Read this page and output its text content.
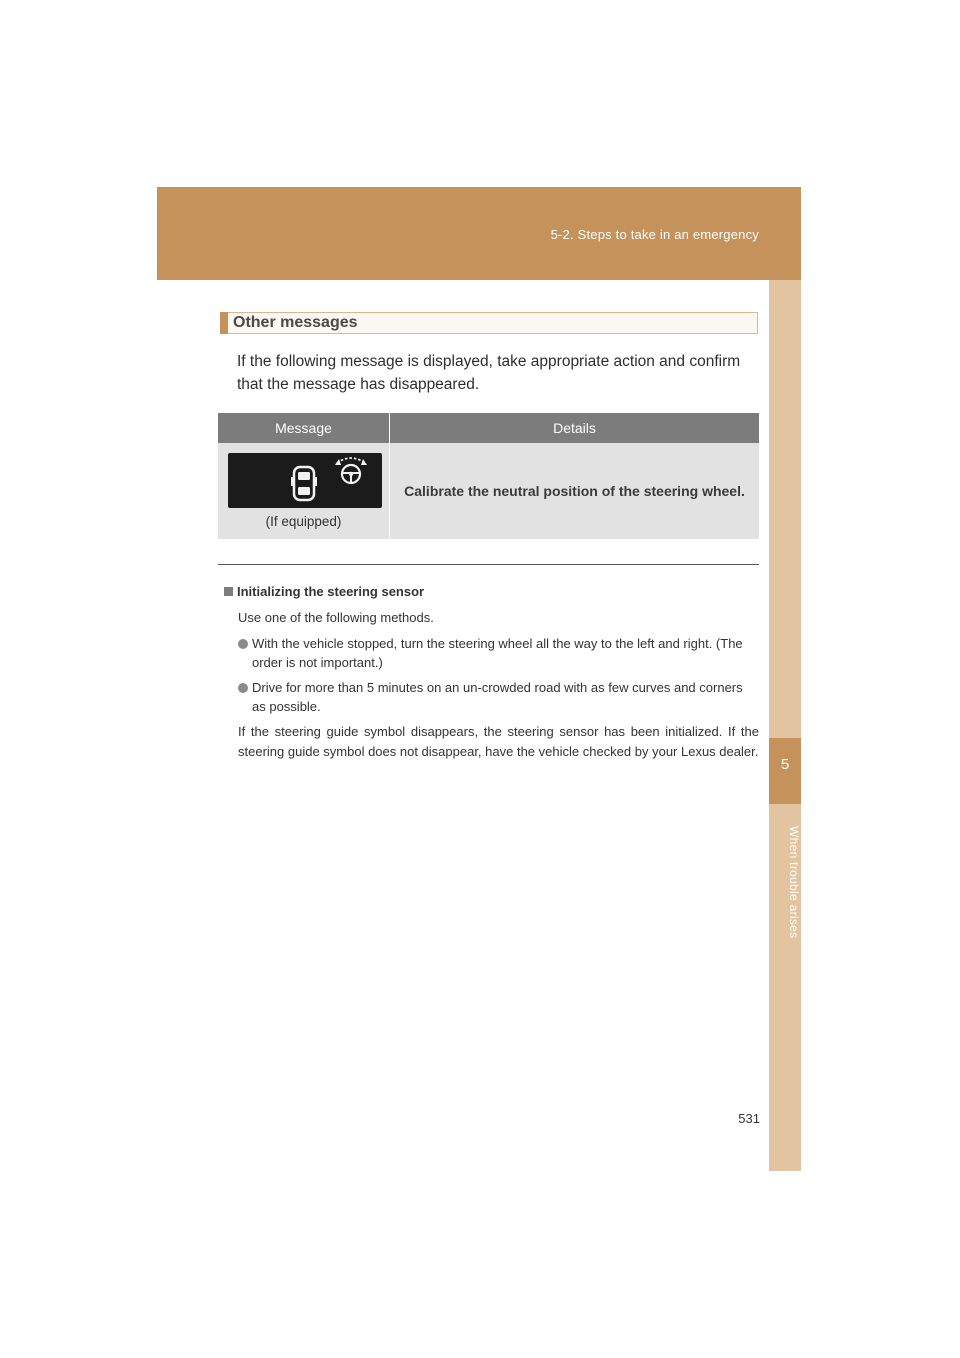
5-2. Steps to take in an emergency
5
When trouble arises
Other messages
If the following message is displayed, take appropriate action and confirm that the message has disappeared.
Message	Details

(If equipped)	Calibrate the neutral position of the steering wheel.
Initializing the steering sensor
Use one of the following methods.
With the vehicle stopped, turn the steering wheel all the way to the left and right. (The order is not important.)
Drive for more than 5 minutes on an un-crowded road with as few curves and corners as possible.
If the steering guide symbol disappears, the steering sensor has been initialized. If the steering guide symbol does not disappear, have the vehicle checked by your Lexus dealer.
531
